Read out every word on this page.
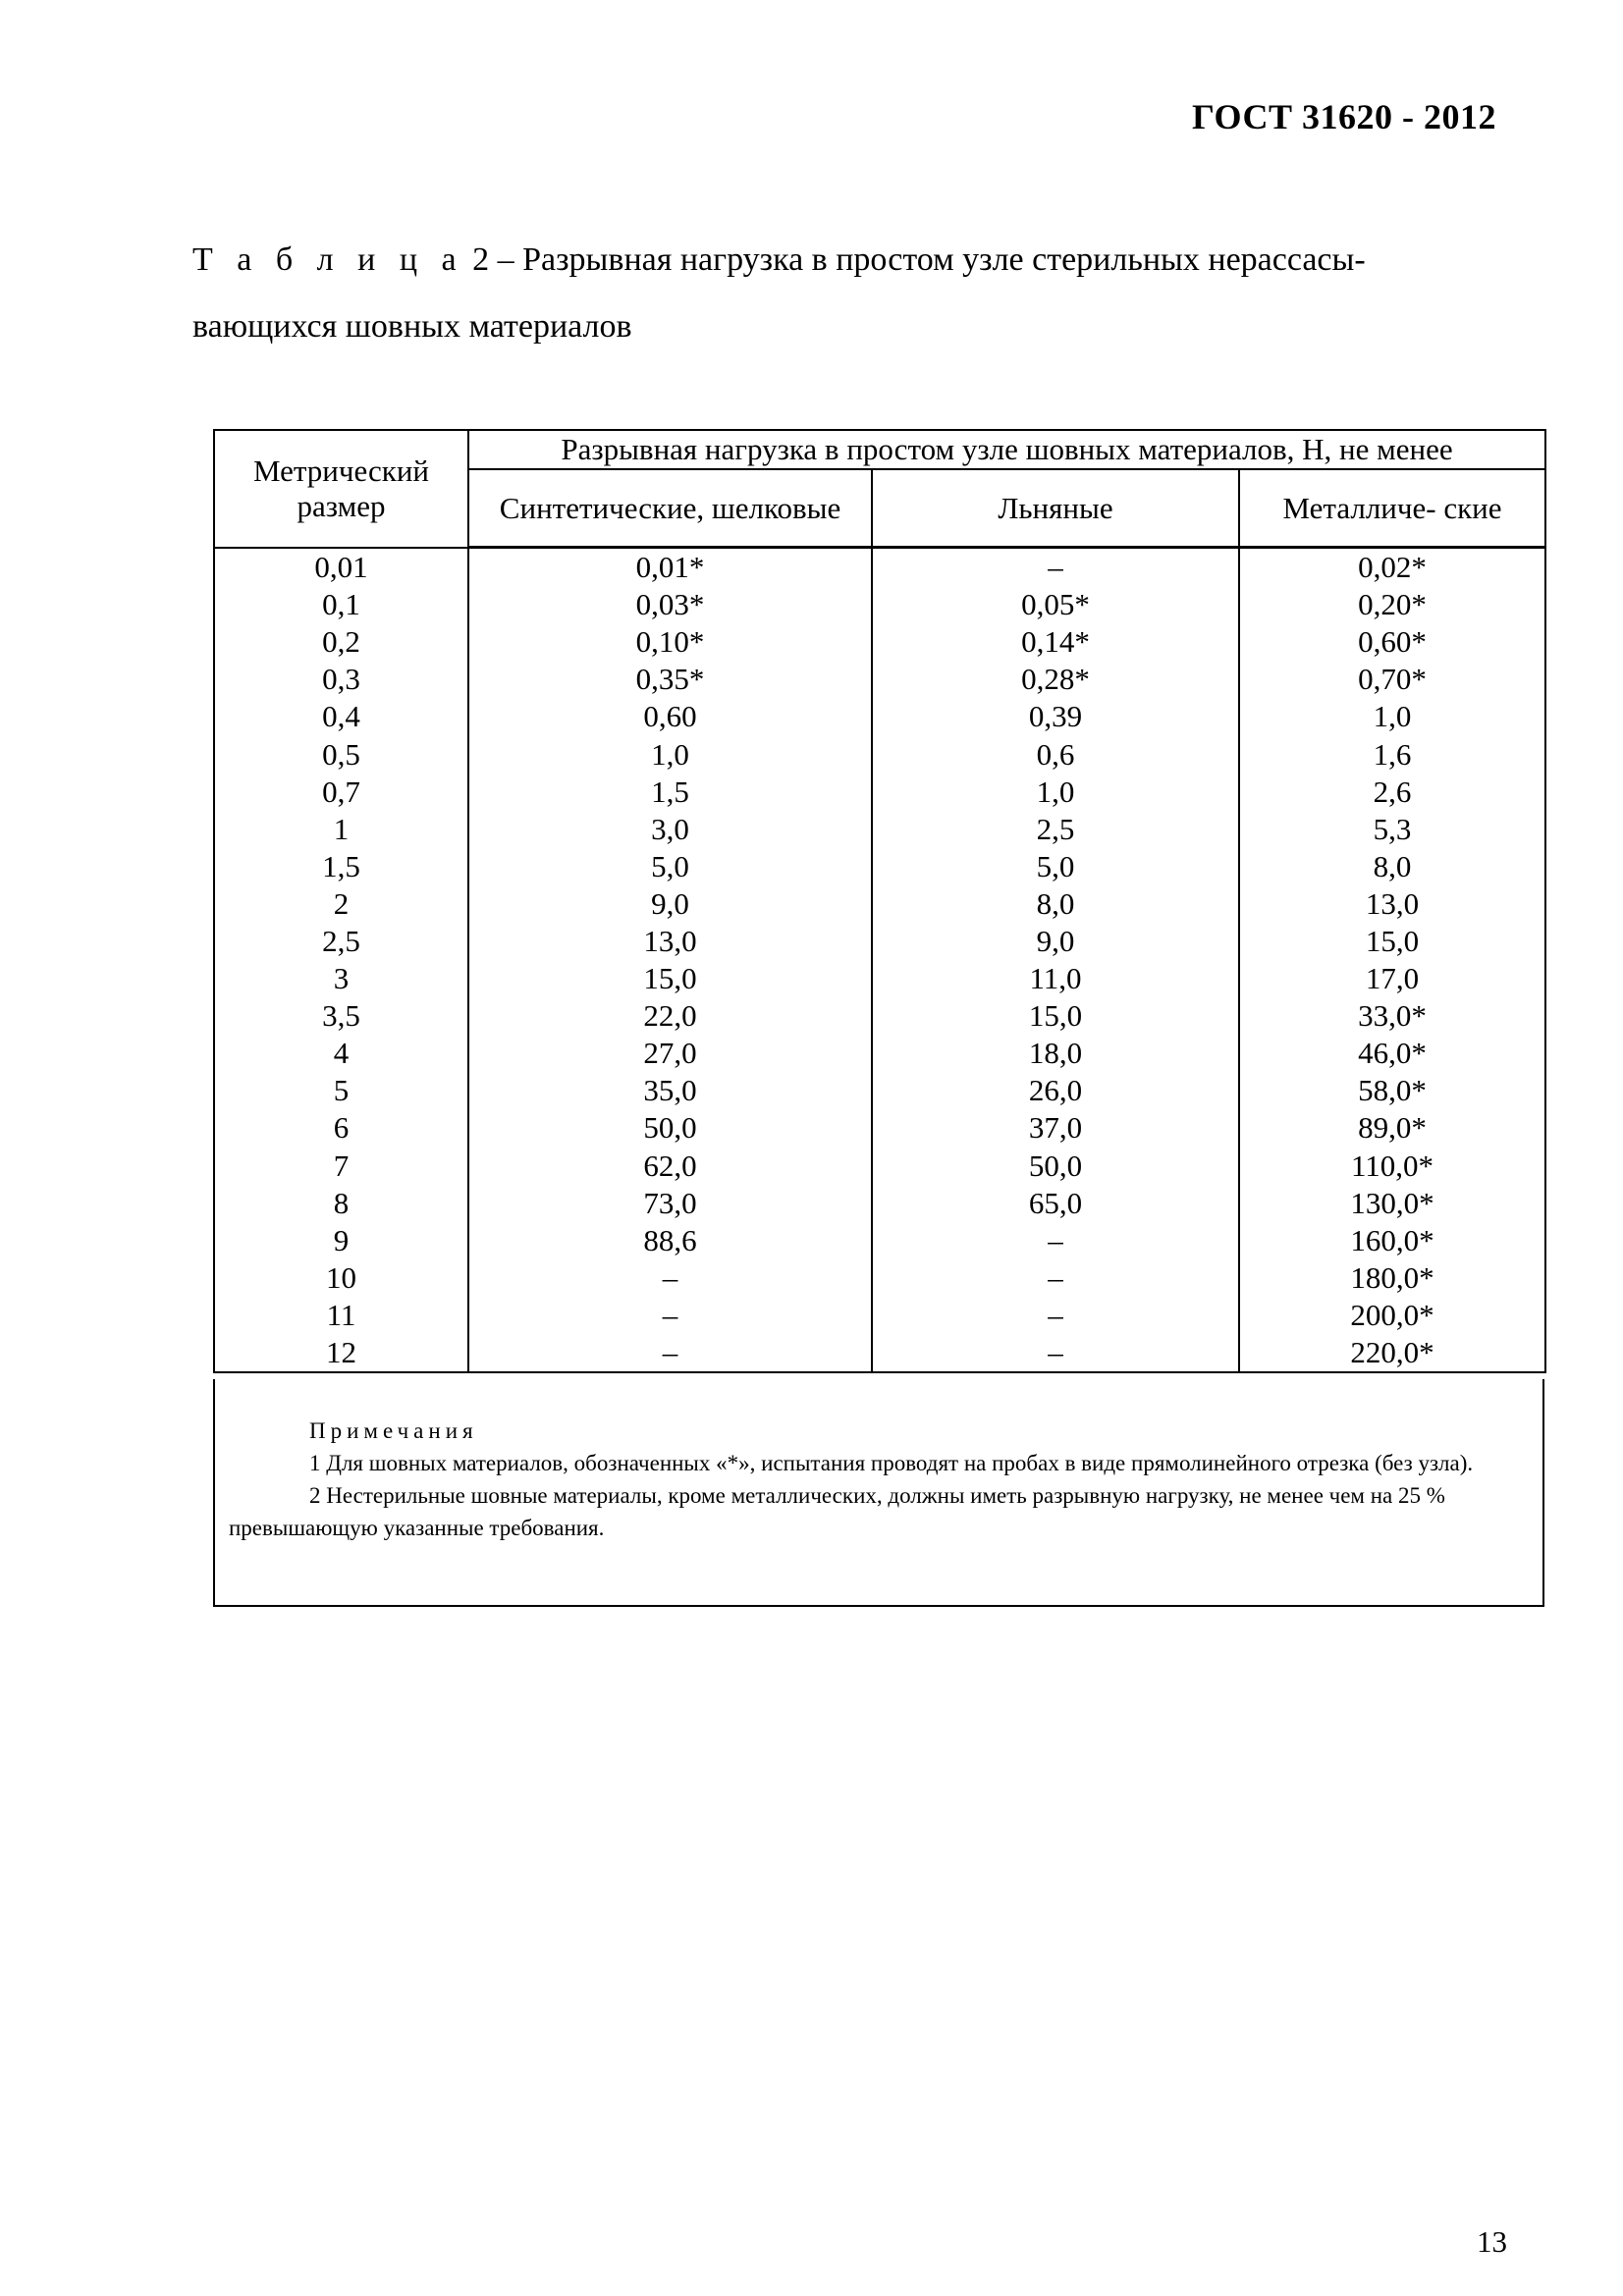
ГОСТ 31620 - 2012
Т а б л и ц а 2 – Разрывная нагрузка в простом узле стерильных нерассасы-
вающихся шовных материалов
Метрический размер	Разрывная нагрузка в простом узле шовных материалов, Н, не менее		
	Синтетические, шелковые	Льняные	Металличе- ские
0,01	0,01*	–	0,02*
0,1	0,03*	0,05*	0,20*
0,2	0,10*	0,14*	0,60*
0,3	0,35*	0,28*	0,70*
0,4	0,60	0,39	1,0
0,5	1,0	0,6	1,6
0,7	1,5	1,0	2,6
1	3,0	2,5	5,3
1,5	5,0	5,0	8,0
2	9,0	8,0	13,0
2,5	13,0	9,0	15,0
3	15,0	11,0	17,0
3,5	22,0	15,0	33,0*
4	27,0	18,0	46,0*
5	35,0	26,0	58,0*
6	50,0	37,0	89,0*
7	62,0	50,0	110,0*
8	73,0	65,0	130,0*
9	88,6	–	160,0*
10	–	–	180,0*
11	–	–	200,0*
12	–	–	220,0*
Примечания

1 Для шовных материалов, обозначенных «*», испытания проводят на пробах в виде прямолинейного отрезка (без узла).

2 Нестерильные шовные материалы, кроме металлических, должны иметь разрывную нагрузку, не менее чем на 25 % превышающую указанные требования.

13
